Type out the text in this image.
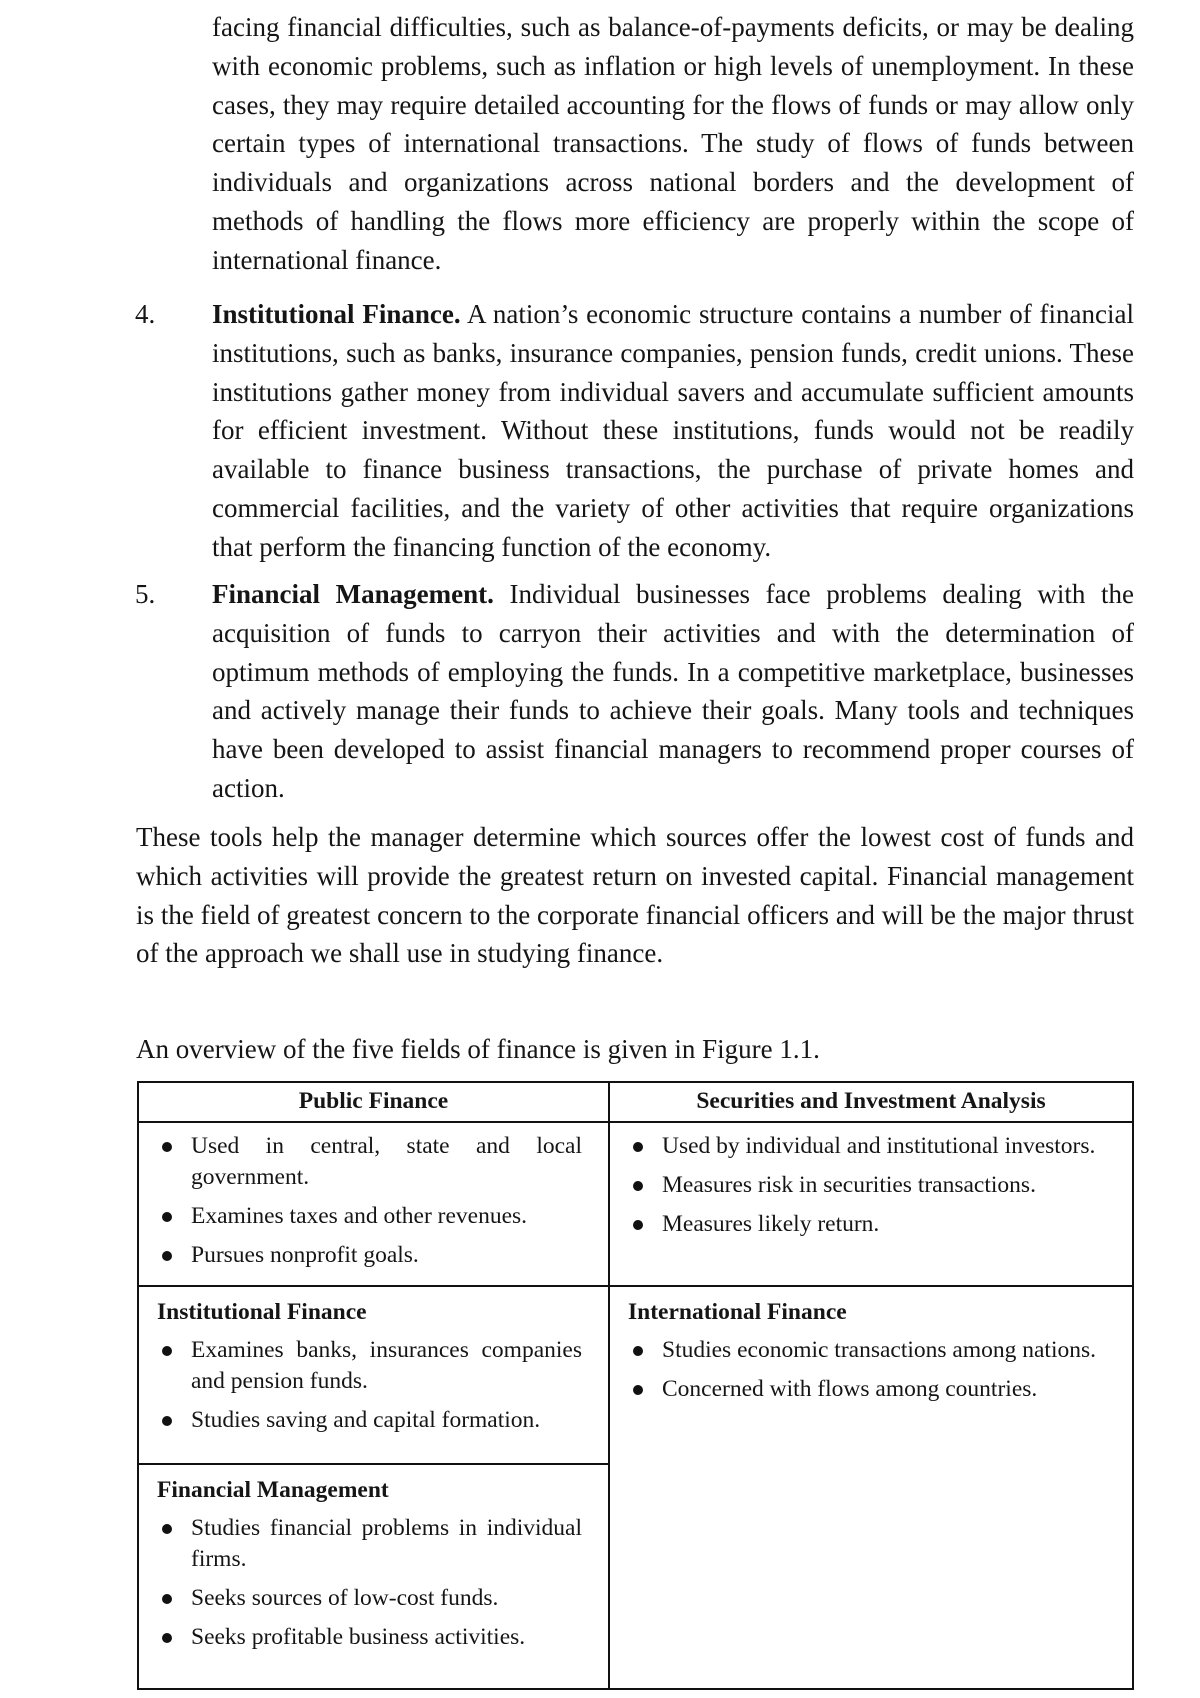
facing financial difficulties, such as balance-of-payments deficits, or may be dealing with economic problems, such as inflation or high levels of unemployment. In these cases, they may require detailed accounting for the flows of funds or may allow only certain types of international transactions. The study of flows of funds between individuals and organizations across national borders and the development of methods of handling the flows more efficiency are properly within the scope of international finance.

4. Institutional Finance. A nation’s economic structure contains a number of financial institutions, such as banks, insurance companies, pension funds, credit unions. These institutions gather money from individual savers and accumulate sufficient amounts for efficient investment. Without these institutions, funds would not be readily available to finance business transactions, the purchase of private homes and commercial facilities, and the variety of other activities that require organizations that perform the financing function of the economy.

5. Financial Management. Individual businesses face problems dealing with the acquisition of funds to carryon their activities and with the determination of optimum methods of employing the funds. In a competitive marketplace, businesses and actively manage their funds to achieve their goals. Many tools and techniques have been developed to assist financial managers to recommend proper courses of action.

These tools help the manager determine which sources offer the lowest cost of funds and which activities will provide the greatest return on invested capital. Financial management is the field of greatest concern to the corporate financial officers and will be the major thrust of the approach we shall use in studying finance.

An overview of the five fields of finance is given in Figure 1.1.

Public Finance	Securities and Investment Analysis
Used in central, state and local government.
Examines taxes and other revenues.
Pursues nonprofit goals.
Used by individual and institutional investors.
Measures risk in securities transactions.
Measures likely return.

Institutional Finance

Examines banks, insurances companies and pension funds.
Studies saving and capital formation.

International Finance

Studies economic transactions among nations.
Concerned with flows among countries.

Financial Management

Studies financial problems in individual firms.
Seeks sources of low-cost funds.
Seeks profitable business activities.
